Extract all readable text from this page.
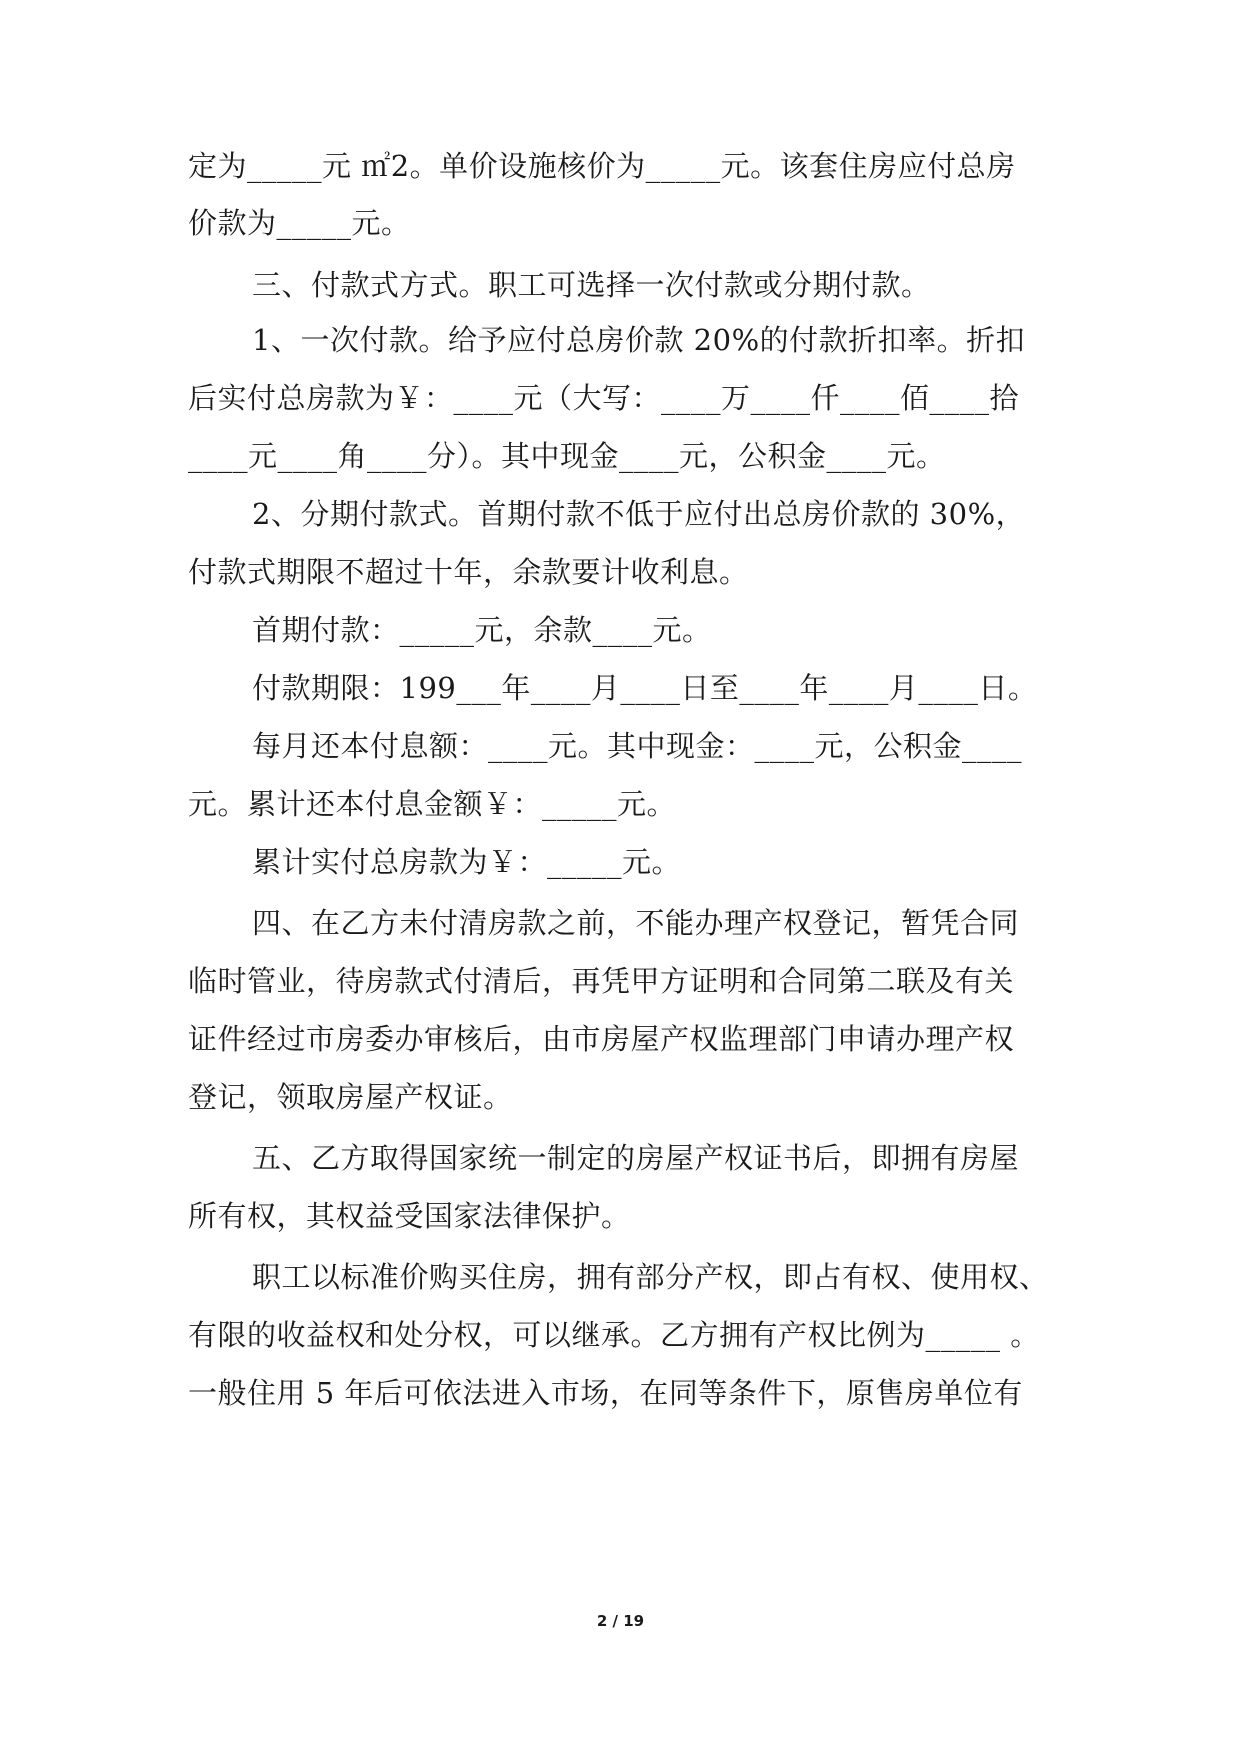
定为_____元 ㎡2。单价设施核价为_____元。该套住房应付总房
价款为_____元。
三、付款式方式。职工可选择一次付款或分期付款。
1、一次付款。给予应付总房价款 20%的付款折扣率。折扣
后实付总房款为￥：____元（大写：____万____仟____佰____拾
____元____角____分）。其中现金____元，公积金____元。
2、分期付款式。首期付款不低于应付出总房价款的 30%，
付款式期限不超过十年，余款要计收利息。
首期付款：_____元，余款____元。
付款期限：199___年____月____日至____年____月____日。
每月还本付息额：____元。其中现金：____元，公积金____
元。累计还本付息金额￥：_____元。
累计实付总房款为￥：_____元。
四、在乙方未付清房款之前，不能办理产权登记，暂凭合同
临时管业，待房款式付清后，再凭甲方证明和合同第二联及有关
证件经过市房委办审核后，由市房屋产权监理部门申请办理产权
登记，领取房屋产权证。
五、乙方取得国家统一制定的房屋产权证书后，即拥有房屋
所有权，其权益受国家法律保护。
职工以标准价购买住房，拥有部分产权，即占有权、使用权、
有限的收益权和处分权，可以继承。乙方拥有产权比例为_____ 。
一般住用 5 年后可依法进入市场，在同等条件下，原售房单位有
2 / 19
